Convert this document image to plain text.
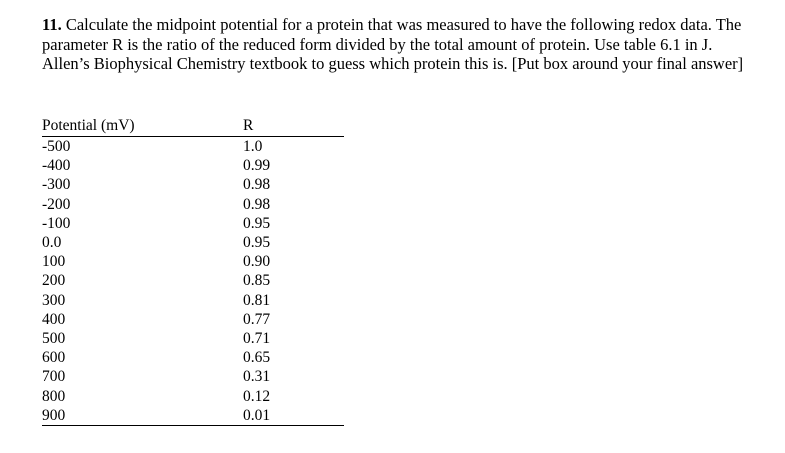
11. Calculate the midpoint potential for a protein that was measured to have the following redox data. The
parameter R is the ratio of the reduced form divided by the total amount of protein. Use table 6.1 in J.
Allen’s Biophysical Chemistry textbook to guess which protein this is. [Put box around your final answer]
Potential (mV)	R
-500	1.0
-400	0.99
-300	0.98
-200	0.98
-100	0.95
0.0	0.95
100	0.90
200	0.85
300	0.81
400	0.77
500	0.71
600	0.65
700	0.31
800	0.12
900	0.01
